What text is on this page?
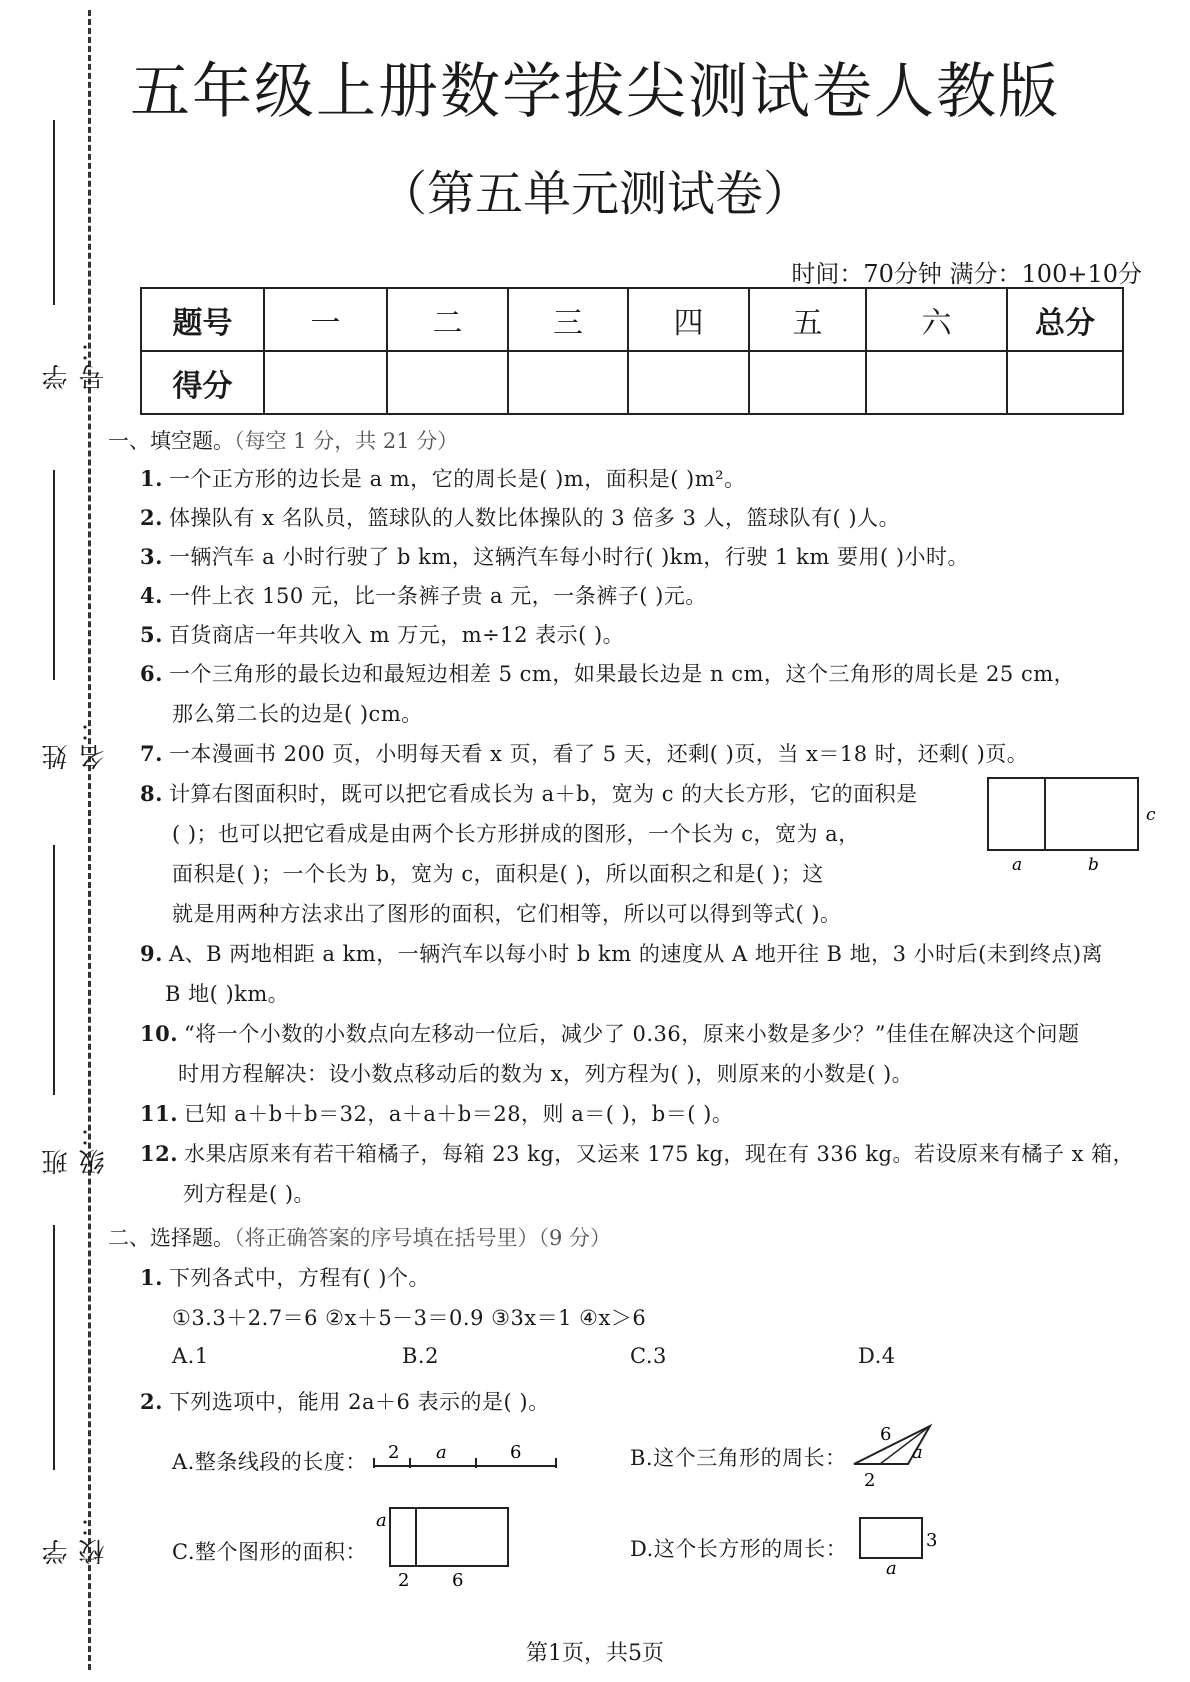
学号：
姓名：
班级：
学校：
五年级上册数学拔尖测试卷人教版
（第五单元测试卷）
时间：70分钟 满分：100+10分
题号	一	二	三	四	五	六	总分
得分							
一、填空题。（每空 1 分，共 21 分）
1. 一个正方形的边长是 a m，它的周长是( )m，面积是( )m²。
2. 体操队有 x 名队员，篮球队的人数比体操队的 3 倍多 3 人，篮球队有( )人。
3. 一辆汽车 a 小时行驶了 b km，这辆汽车每小时行( )km，行驶 1 km 要用( )小时。
4. 一件上衣 150 元，比一条裤子贵 a 元，一条裤子( )元。
5. 百货商店一年共收入 m 万元，m÷12 表示( )。
6. 一个三角形的最长边和最短边相差 5 cm，如果最长边是 n cm，这个三角形的周长是 25 cm，
那么第二长的边是( )cm。
7. 一本漫画书 200 页，小明每天看 x 页，看了 5 天，还剩( )页，当 x＝18 时，还剩( )页。
8. 计算右图面积时，既可以把它看成长为 a＋b，宽为 c 的大长方形，它的面积是
( )；也可以把它看成是由两个长方形拼成的图形，一个长为 c，宽为 a，
面积是( )；一个长为 b，宽为 c，面积是( )，所以面积之和是( )；这
就是用两种方法求出了图形的面积，它们相等，所以可以得到等式( )。
c
a	b
9. A、B 两地相距 a km，一辆汽车以每小时 b km 的速度从 A 地开往 B 地，3 小时后(未到终点)离
B 地( )km。
10. “将一个小数的小数点向左移动一位后，减少了 0.36，原来小数是多少？”佳佳在解决这个问题
时用方程解决：设小数点移动后的数为 x，列方程为( )，则原来的小数是( )。
11. 已知 a＋b＋b＝32，a＋a＋b＝28，则 a＝( )，b＝( )。
12. 水果店原来有若干箱橘子，每箱 23 kg，又运来 175 kg，现在有 336 kg。若设原来有橘子 x 箱，
列方程是( )。
二、选择题。（将正确答案的序号填在括号里）（9 分）
1. 下列各式中，方程有( )个。
①3.3＋2.7＝6 ②x＋5－3＝0.9 ③3x＝1 ④x＞6
A.1	B.2	C.3	D.4
2. 下列选项中，能用 2a＋6 表示的是( )。
A.整条线段的长度： 2 a	6	B.这个三角形的周长：
6
a
2
C.整个图形的面积：
a
2 6
D.这个长方形的周长：	3
a
第1页，共5页
